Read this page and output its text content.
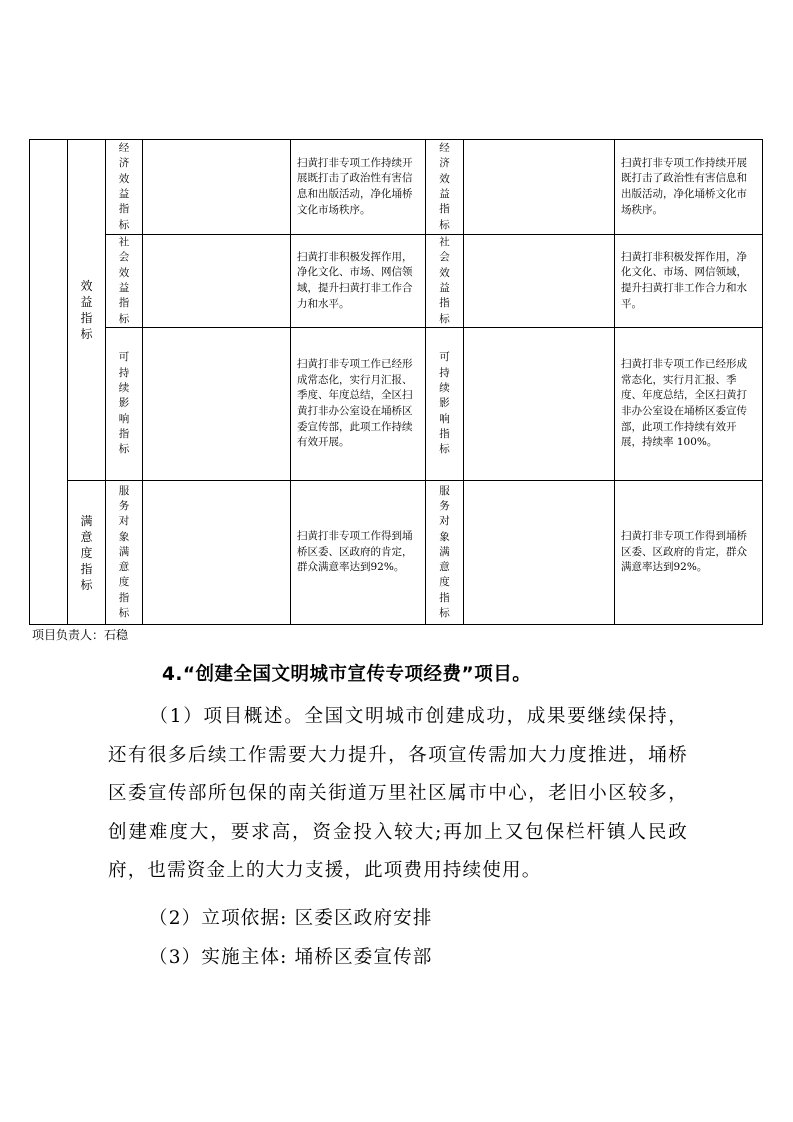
	效益指标	经济效益指标		扫黄打非专项工作持续开展既打击了政治性有害信息和出版活动，净化埇桥文化市场秩序。	经济效益指标		扫黄打非专项工作持续开展既打击了政治性有害信息和出版活动，净化埇桥文化市场秩序。

		社会效益指标		扫黄打非积极发挥作用，净化文化、市场、网信领域，提升扫黄打非工作合力和水平。	社会效益指标		扫黄打非积极发挥作用，净化文化、市场、网信领域，提升扫黄打非工作合力和水平。

		可持续影响指标		扫黄打非专项工作已经形成常态化，实行月汇报、季度、年度总结，全区扫黄打非办公室设在埇桥区委宣传部，此项工作持续有效开展。	可持续影响指标		扫黄打非专项工作已经形成常态化，实行月汇报、季度、年度总结，全区扫黄打非办公室设在埇桥区委宣传部，此项工作持续有效开展，持续率 100%。

	满意度指标	服务对象满意度指标		扫黄打非专项工作得到埇桥区委、区政府的肯定，群众满意率达到92%。	服务对象满意度指标		扫黄打非专项工作得到埇桥区委、区政府的肯定，群众满意率达到92%。
项目负责人：石稳
4.“创建全国文明城市宣传专项经费”项目。
（1）项目概述。全国文明城市创建成功，成果要继续保持，还有很多后续工作需要大力提升，各项宣传需加大力度推进，埇桥区委宣传部所包保的南关街道万里社区属市中心，老旧小区较多，创建难度大，要求高，资金投入较大;再加上又包保栏杆镇人民政府，也需资金上的大力支援，此项费用持续使用。
（2）立项依据: 区委区政府安排
（3）实施主体: 埇桥区委宣传部
